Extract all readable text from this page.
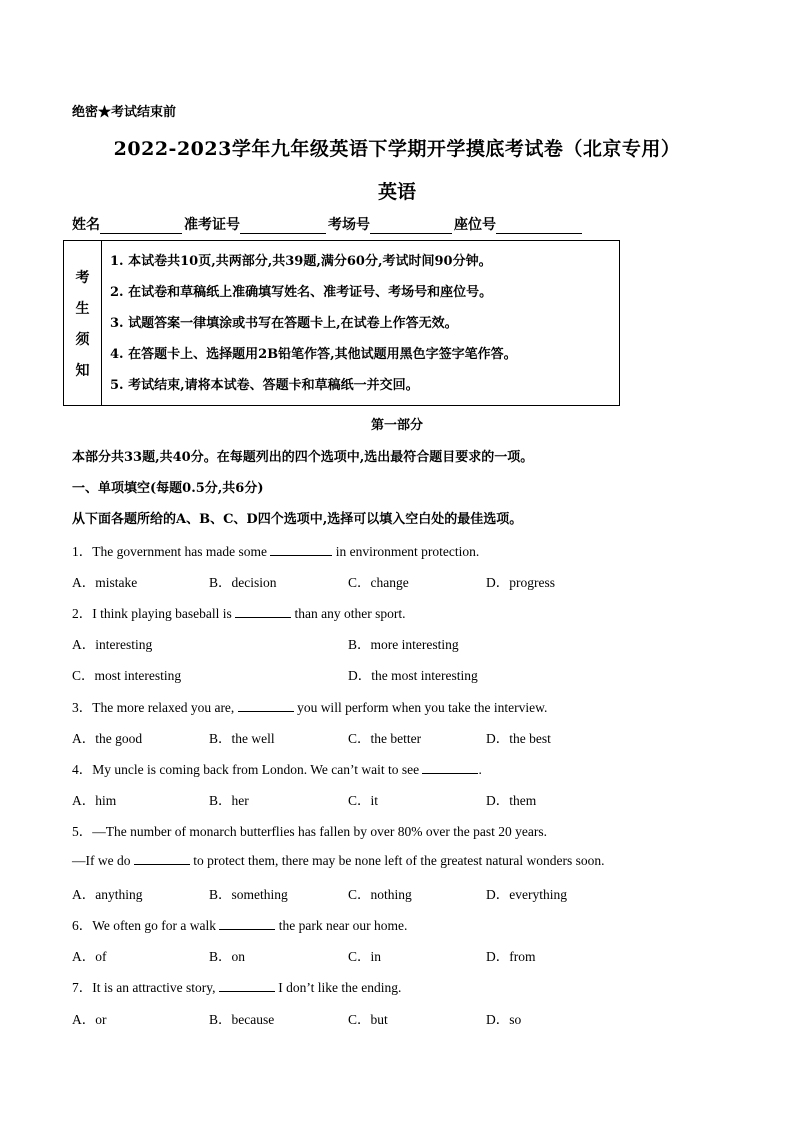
绝密★考试结束前
2022-2023学年九年级英语下学期开学摸底考试卷（北京专用）
英语
姓名	准考证号	考场号	座位号
考
生
须
知
1. 本试卷共10页,共两部分,共39题,满分60分,考试时间90分钟。
2. 在试卷和草稿纸上准确填写姓名、准考证号、考场号和座位号。
3. 试题答案一律填涂或书写在答题卡上,在试卷上作答无效。
4. 在答题卡上、选择题用2B铅笔作答,其他试题用黑色字签字笔作答。
5. 考试结束,请将本试卷、答题卡和草稿纸一并交回。
第一部分
本部分共33题,共40分。在每题列出的四个选项中,选出最符合题目要求的一项。
一、单项填空(每题0.5分,共6分)
从下面各题所给的A、B、C、D四个选项中,选择可以填入空白处的最佳选项。
1．The government has made some	in environment protection.
A．mistake	B．decision	C．change	D．progress
2．I think playing baseball is	than any other sport.
A．interesting	B．more interesting
C．most interesting	D．the most interesting
3．The more relaxed you are,	you will perform when you take the interview.
A．the good	B．the well	C．the better	D．the best
4．My uncle is coming back from London. We can’t wait to see	.
A．him	B．her	C．it	D．them
5．—The number of monarch butterflies has fallen by over 80% over the past 20 years.
—If we do	to protect them, there may be none left of the greatest natural wonders soon.
A．anything	B．something	C．nothing	D．everything
6．We often go for a walk	the park near our home.
A．of	B．on	C．in	D．from
7．It is an attractive story,	I don’t like the ending.
A．or	B．because	C．but	D．so
